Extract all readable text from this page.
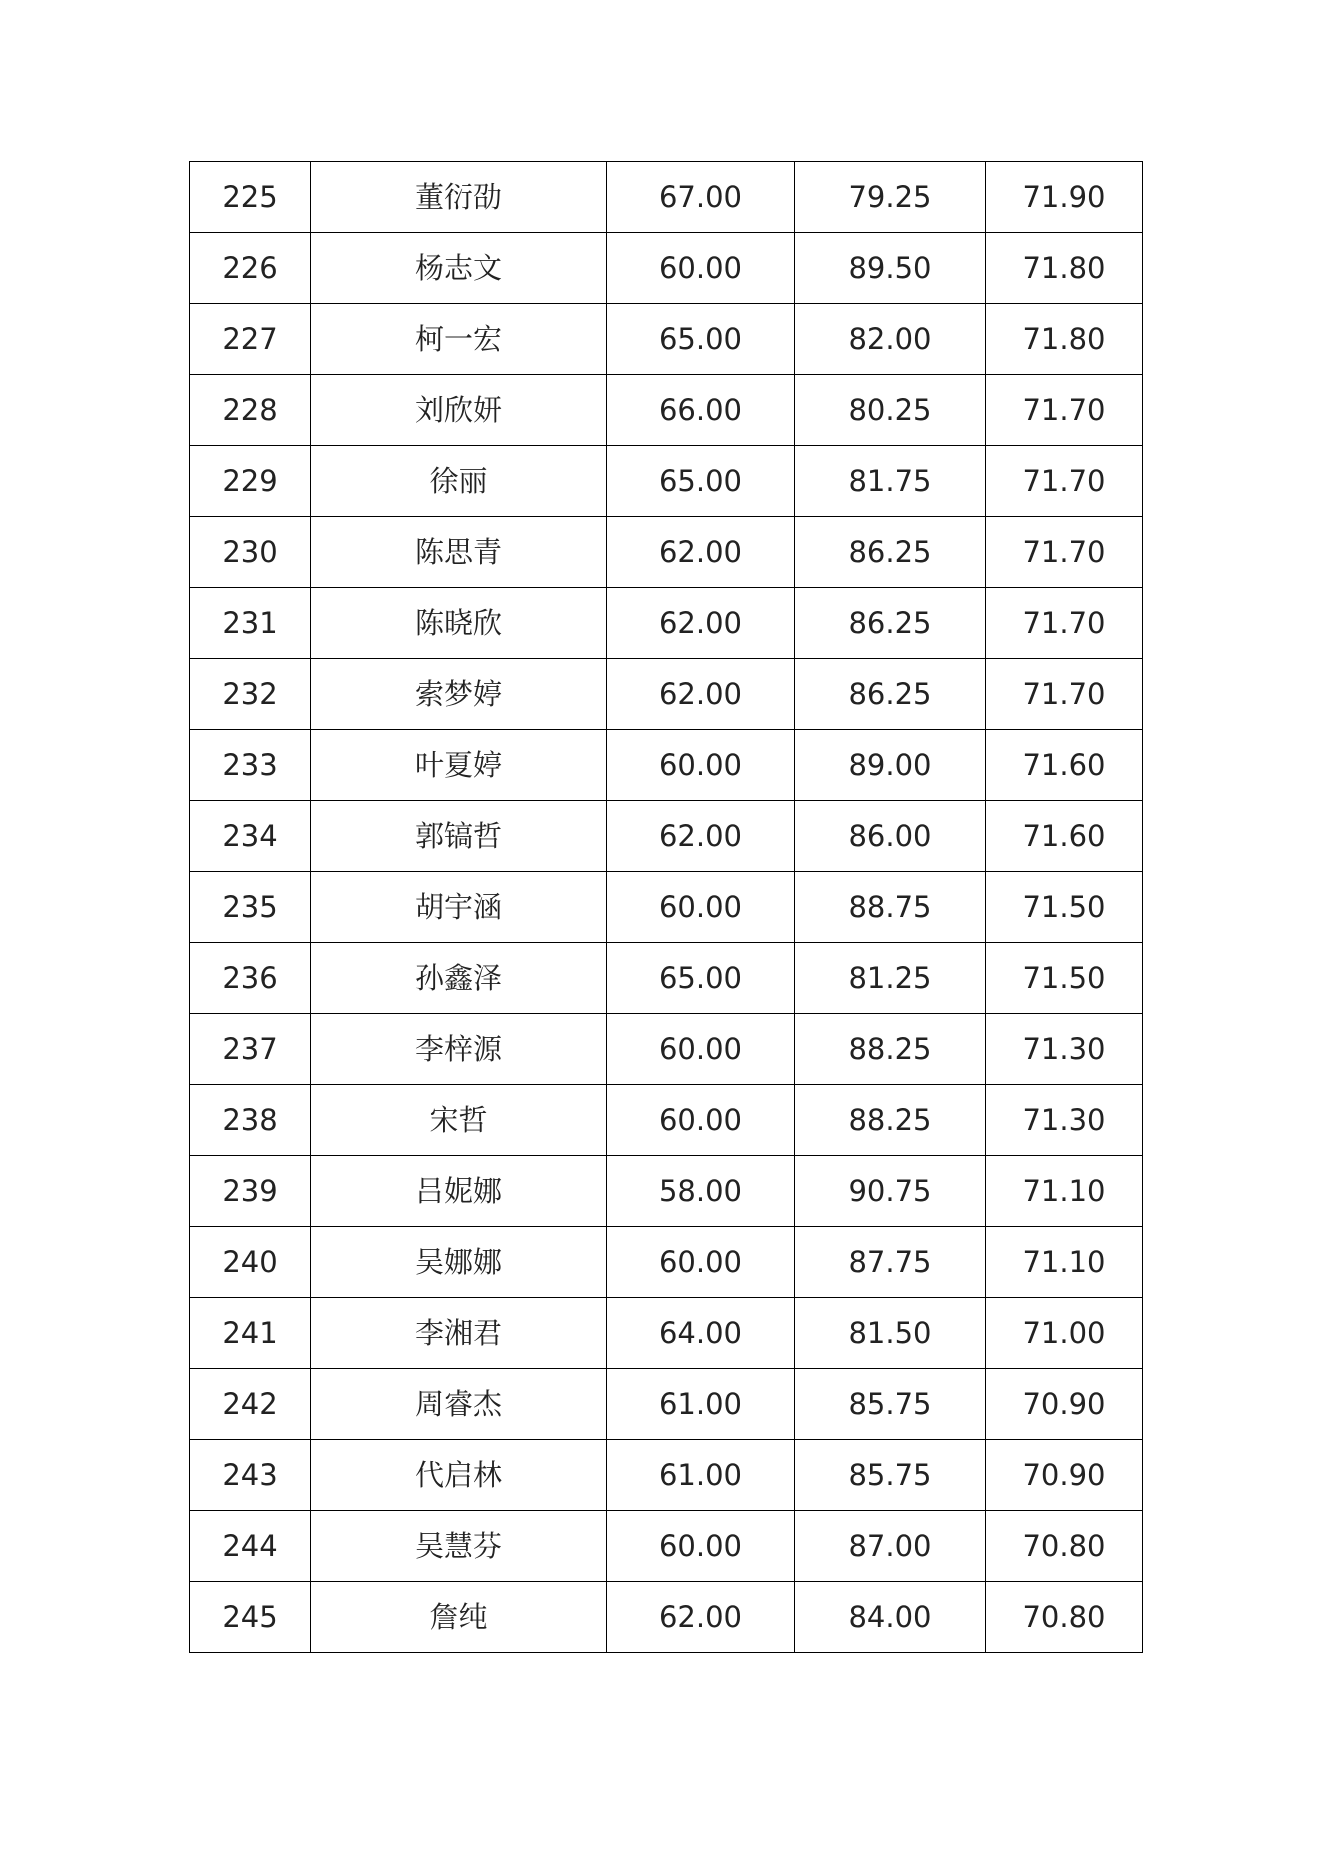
225	董衍劭	67.00	79.25	71.90
226	杨志文	60.00	89.50	71.80
227	柯一宏	65.00	82.00	71.80
228	刘欣妍	66.00	80.25	71.70
229	徐丽	65.00	81.75	71.70
230	陈思青	62.00	86.25	71.70
231	陈晓欣	62.00	86.25	71.70
232	索梦婷	62.00	86.25	71.70
233	叶夏婷	60.00	89.00	71.60
234	郭镐哲	62.00	86.00	71.60
235	胡宇涵	60.00	88.75	71.50
236	孙鑫泽	65.00	81.25	71.50
237	李梓源	60.00	88.25	71.30
238	宋哲	60.00	88.25	71.30
239	吕妮娜	58.00	90.75	71.10
240	吴娜娜	60.00	87.75	71.10
241	李湘君	64.00	81.50	71.00
242	周睿杰	61.00	85.75	70.90
243	代启林	61.00	85.75	70.90
244	吴慧芬	60.00	87.00	70.80
245	詹纯	62.00	84.00	70.80
